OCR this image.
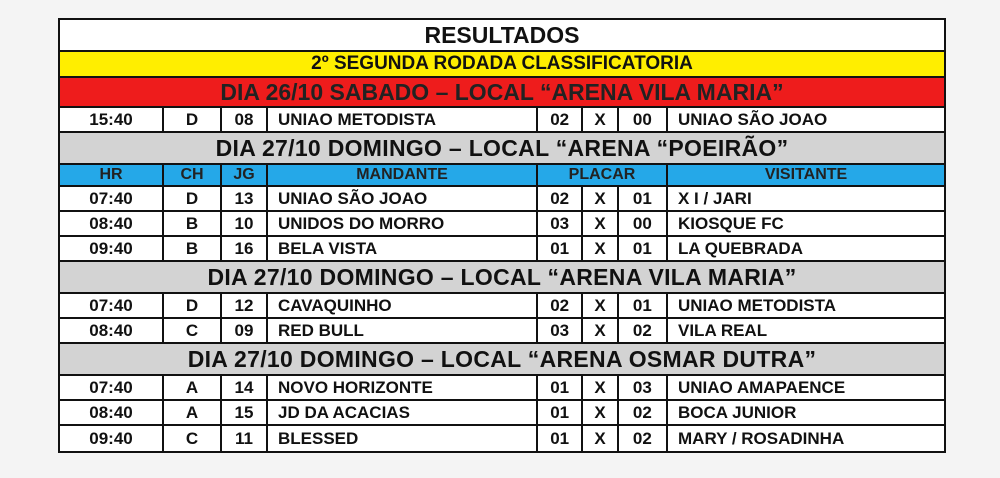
RESULTADOS
2º SEGUNDA RODADA CLASSIFICATORIA
DIA 26/10 SABADO – LOCAL “ARENA VILA MARIA”
15:40	D	08	UNIAO METODISTA	02	X	00	UNIAO SÃO JOAO
DIA 27/10 DOMINGO – LOCAL “ARENA “POEIRÃO”
HR	CH	JG	MANDANTE	PLACAR	VISITANTE
07:40	D	13	UNIAO SÃO JOAO	02	X	01	X I / JARI
08:40	B	10	UNIDOS DO MORRO	03	X	00	KIOSQUE FC
09:40	B	16	BELA VISTA	01	X	01	LA QUEBRADA
DIA 27/10 DOMINGO – LOCAL “ARENA VILA MARIA”
07:40	D	12	CAVAQUINHO	02	X	01	UNIAO METODISTA
08:40	C	09	RED BULL	03	X	02	VILA REAL
DIA 27/10 DOMINGO – LOCAL “ARENA OSMAR DUTRA”
07:40	A	14	NOVO HORIZONTE	01	X	03	UNIAO AMAPAENCE
08:40	A	15	JD DA ACACIAS	01	X	02	BOCA JUNIOR
09:40	C	11	BLESSED	01	X	02	MARY / ROSADINHA
